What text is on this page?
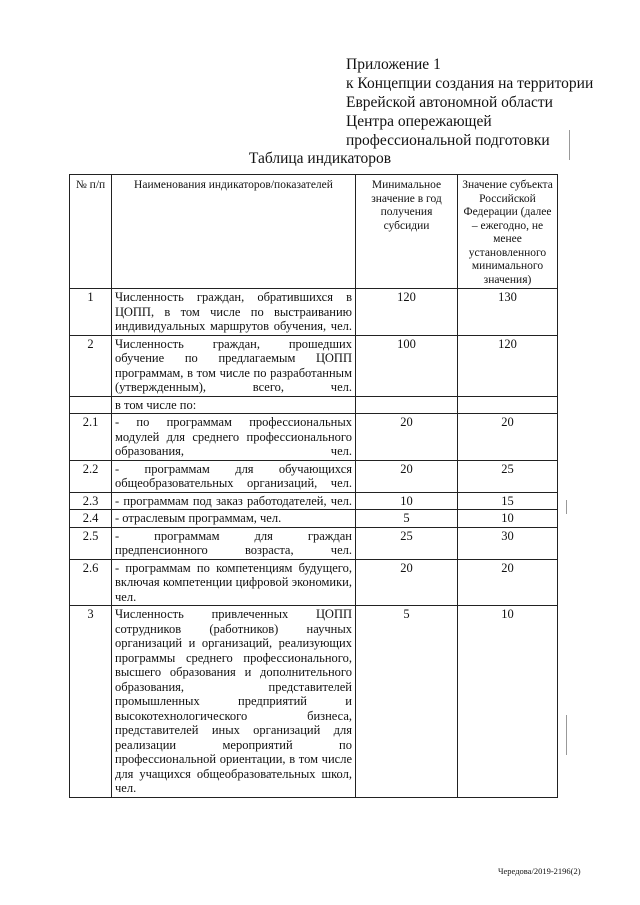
Приложение 1
к Концепции создания на территории
Еврейской автономной области
Центра опережающей
профессиональной подготовки
Таблица индикаторов
№ п/п	Наименования индикаторов/показателей	Минимальное значение в год получения субсидии	Значение субъекта Российской Федерации (далее – ежегодно, не менее установленного минимального значения)
1	Численность граждан, обратившихся в ЦОПП, в том числе по выстраиванию индивидуальных маршрутов обучения, чел.	120	130
2	Численность граждан, прошедших обучение по предлагаемым ЦОПП программам, в том числе по разработанным (утвержденным), всего, чел.	100	120
	в том числе по:		
2.1	- по программам профессиональных модулей для среднего профессионального образования, чел.	20	20
2.2	- программам для обучающихся общеобразовательных организаций, чел.	20	25
2.3	- программам под заказ работодателей, чел.	10	15
2.4	- отраслевым программам, чел.	5	10
2.5	- программам для граждан предпенсионного возраста, чел.	25	30
2.6	- программам по компетенциям будущего, включая компетенции цифровой экономики, чел.	20	20
3	Численность привлеченных ЦОПП сотрудников (работников) научных организаций и организаций, реализующих программы среднего профессионального, высшего образования и дополнительного образования, представителей промышленных предприятий и высокотехнологического бизнеса, представителей иных организаций для реализации мероприятий по профессиональной ориентации, в том числе для учащихся общеобразовательных школ, чел.	5	10
Чередова/2019-2196(2)
